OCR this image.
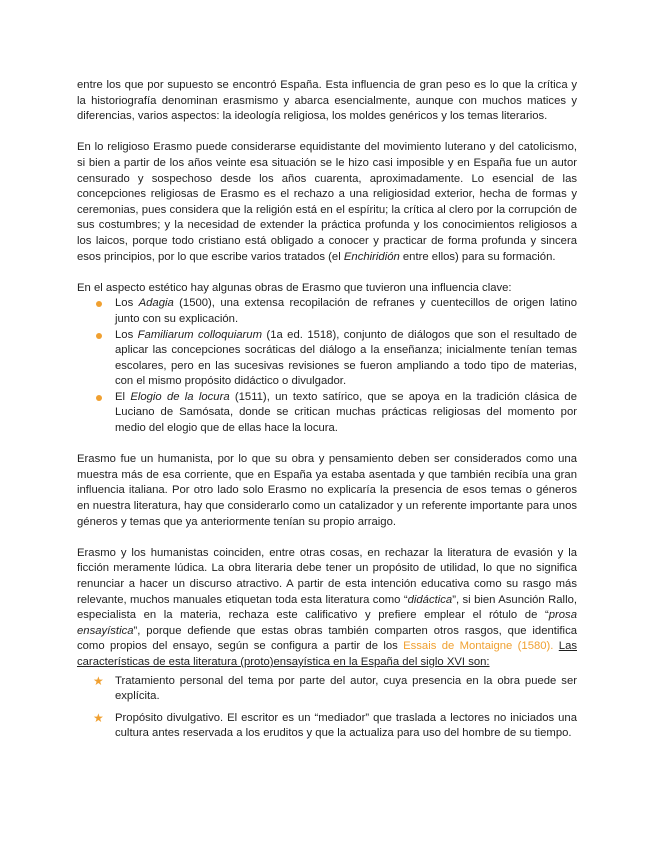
entre los que por supuesto se encontró España. Esta influencia de gran peso es lo que la crítica y la historiografía denominan erasmismo y abarca esencialmente, aunque con muchos matices y diferencias, varios aspectos: la ideología religiosa, los moldes genéricos y los temas literarios.

En lo religioso Erasmo puede considerarse equidistante del movimiento luterano y del catolicismo, si bien a partir de los años veinte esa situación se le hizo casi imposible y en España fue un autor censurado y sospechoso desde los años cuarenta, aproximadamente. Lo esencial de las concepciones religiosas de Erasmo es el rechazo a una religiosidad exterior, hecha de formas y ceremonias, pues considera que la religión está en el espíritu; la crítica al clero por la corrupción de sus costumbres; y la necesidad de extender la práctica profunda y los conocimientos religiosos a los laicos, porque todo cristiano está obligado a conocer y practicar de forma profunda y sincera esos principios, por lo que escribe varios tratados (el Enchiridión entre ellos) para su formación.

En el aspecto estético hay algunas obras de Erasmo que tuvieron una influencia clave:

Los Adagia (1500), una extensa recopilación de refranes y cuentecillos de origen latino junto con su explicación.
Los Familiarum colloquiarum (1a ed. 1518), conjunto de diálogos que son el resultado de aplicar las concepciones socráticas del diálogo a la enseñanza; inicialmente tenían temas escolares, pero en las sucesivas revisiones se fueron ampliando a todo tipo de materias, con el mismo propósito didáctico o divulgador.
El Elogio de la locura (1511), un texto satírico, que se apoya en la tradición clásica de Luciano de Samósata, donde se critican muchas prácticas religiosas del momento por medio del elogio que de ellas hace la locura.

Erasmo fue un humanista, por lo que su obra y pensamiento deben ser considerados como una muestra más de esa corriente, que en España ya estaba asentada y que también recibía una gran influencia italiana. Por otro lado solo Erasmo no explicaría la presencia de esos temas o géneros en nuestra literatura, hay que considerarlo como un catalizador y un referente importante para unos géneros y temas que ya anteriormente tenían su propio arraigo.

Erasmo y los humanistas coinciden, entre otras cosas, en rechazar la literatura de evasión y la ficción meramente lúdica. La obra literaria debe tener un propósito de utilidad, lo que no significa renunciar a hacer un discurso atractivo. A partir de esta intención educativa como su rasgo más relevante, muchos manuales etiquetan toda esta literatura como “didáctica”, si bien Asunción Rallo, especialista en la materia, rechaza este calificativo y prefiere emplear el rótulo de “prosa ensayística”, porque defiende que estas obras también comparten otros rasgos, que identifica como propios del ensayo, según se configura a partir de los Essais de Montaigne (1580). Las características de esta literatura (proto)ensayística en la España del siglo XVI son:

★ Tratamiento personal del tema por parte del autor, cuya presencia en la obra puede ser explícita.
★ Propósito divulgativo. El escritor es un “mediador” que traslada a lectores no iniciados una cultura antes reservada a los eruditos y que la actualiza para uso del hombre de su tiempo.
